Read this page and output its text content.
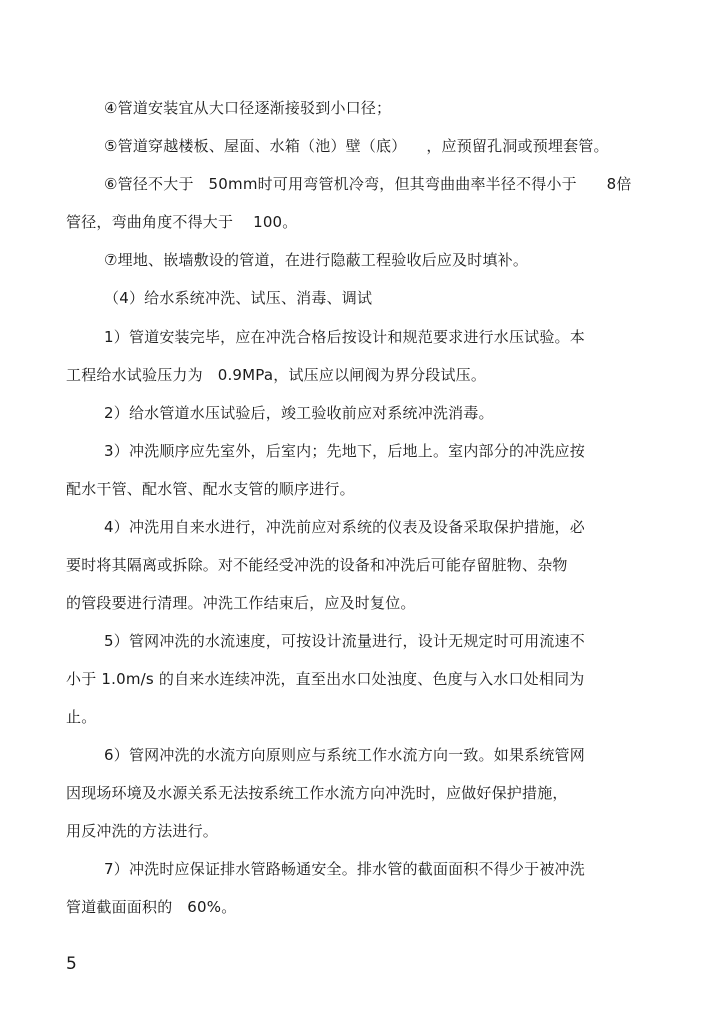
④管道安装宜从大口径逐渐接驳到小口径；
⑤管道穿越楼板、屋面、水箱（池）壁（底）    ，应预留孔洞或预埋套管。
⑥管径不大于   50mm时可用弯管机冷弯，但其弯曲曲率半径不得小于      8倍
管径，弯曲角度不得大于    100。
⑦埋地、嵌墙敷设的管道，在进行隐蔽工程验收后应及时填补。
（4）给水系统冲洗、试压、消毒、调试
1）管道安装完毕，应在冲洗合格后按设计和规范要求进行水压试验。本
工程给水试验压力为   0.9MPa，试压应以闸阀为界分段试压。
2）给水管道水压试验后，竣工验收前应对系统冲洗消毒。
3）冲洗顺序应先室外，后室内；先地下，后地上。室内部分的冲洗应按
配水干管、配水管、配水支管的顺序进行。
4）冲洗用自来水进行，冲洗前应对系统的仪表及设备采取保护措施，必
要时将其隔离或拆除。对不能经受冲洗的设备和冲洗后可能存留脏物、杂物
的管段要进行清理。冲洗工作结束后，应及时复位。
5）管网冲洗的水流速度，可按设计流量进行，设计无规定时可用流速不
小于 1.0m/s 的自来水连续冲洗，直至出水口处浊度、色度与入水口处相同为
止。
6）管网冲洗的水流方向原则应与系统工作水流方向一致。如果系统管网
因现场环境及水源关系无法按系统工作水流方向冲洗时，应做好保护措施，
用反冲洗的方法进行。
7）冲洗时应保证排水管路畅通安全。排水管的截面面积不得少于被冲洗
管道截面面积的   60%。
5
